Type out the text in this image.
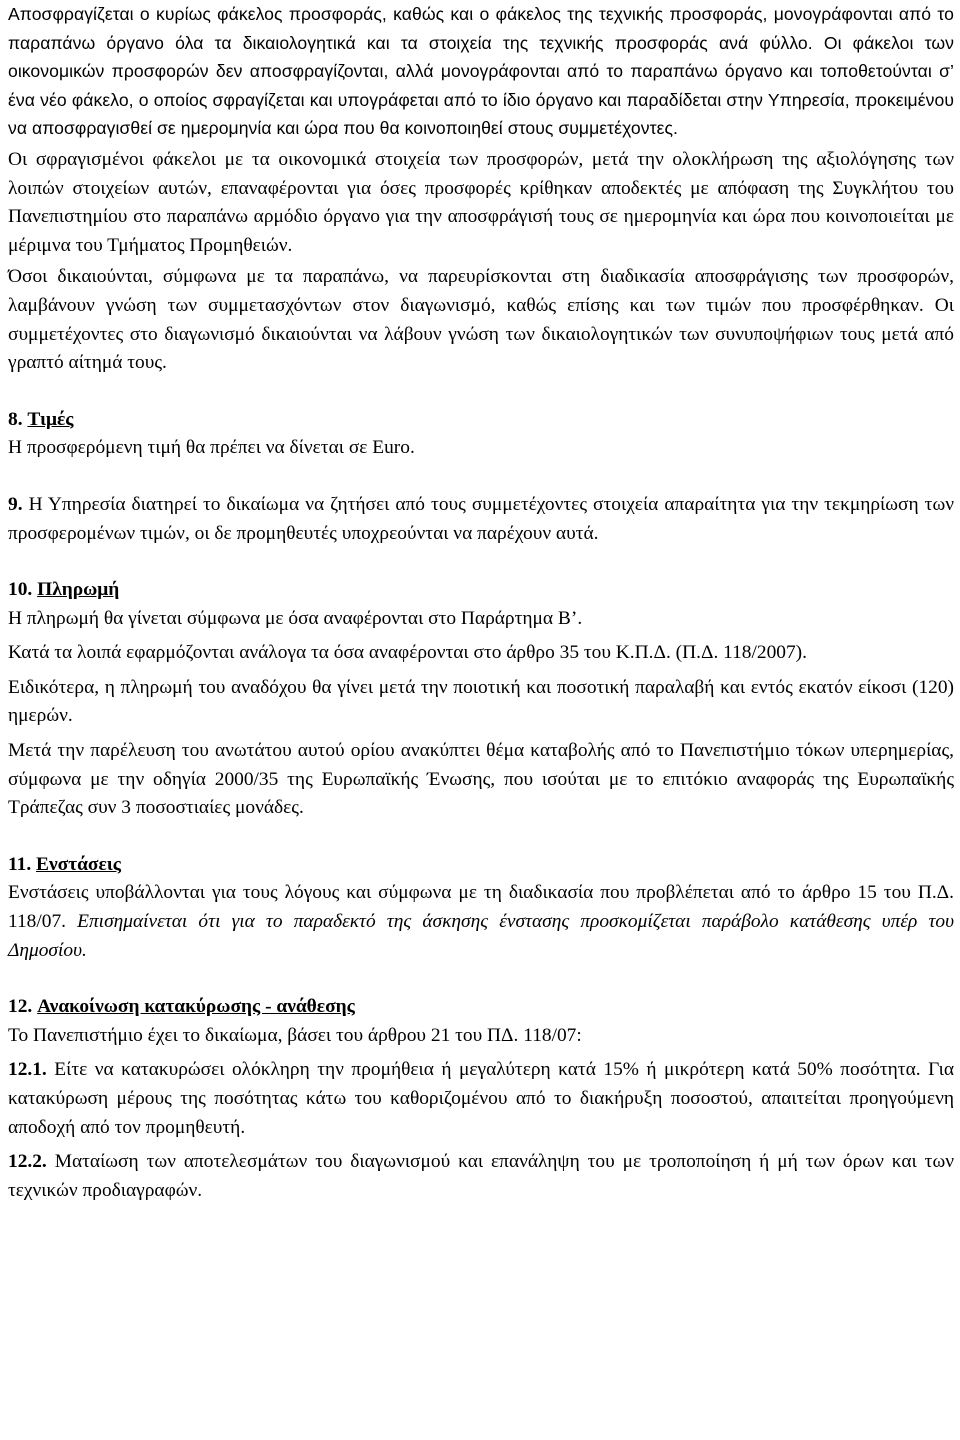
Αποσφραγίζεται ο κυρίως φάκελος προσφοράς, καθώς και ο φάκελος της τεχνικής προσφοράς, μονογράφονται από το παραπάνω όργανο όλα τα δικαιολογητικά και τα στοιχεία της τεχνικής προσφοράς ανά φύλλο. Οι φάκελοι των οικονομικών προσφορών δεν αποσφραγίζονται, αλλά μονογράφονται από το παραπάνω όργανο και τοποθετούνται σ’ ένα νέο φάκελο, ο οποίος σφραγίζεται και υπογράφεται από το ίδιο όργανο και παραδίδεται στην Υπηρεσία, προκειμένου να αποσφραγισθεί σε ημερομηνία και ώρα που θα κοινοποιηθεί στους συμμετέχοντες.

Οι σφραγισμένοι φάκελοι με τα οικονομικά στοιχεία των προσφορών, μετά την ολοκλήρωση της αξιολόγησης των λοιπών στοιχείων αυτών, επαναφέρονται για όσες προσφορές κρίθηκαν αποδεκτές με απόφαση της Συγκλήτου του Πανεπιστημίου στο παραπάνω αρμόδιο όργανο για την αποσφράγισή τους σε ημερομηνία και ώρα που κοινοποιείται με μέριμνα του Τμήματος Προμηθειών.

Όσοι δικαιούνται, σύμφωνα με τα παραπάνω, να παρευρίσκονται στη διαδικασία αποσφράγισης των προσφορών, λαμβάνουν γνώση των συμμετασχόντων στον διαγωνισμό, καθώς επίσης και των τιμών που προσφέρθηκαν. Οι συμμετέχοντες στο διαγωνισμό δικαιούνται να λάβουν γνώση των δικαιολογητικών των συνυποψήφιων τους μετά από γραπτό αίτημά τους.

8. Τιμές

Η προσφερόμενη τιμή θα πρέπει να δίνεται σε Euro.

9. Η Υπηρεσία διατηρεί το δικαίωμα να ζητήσει από τους συμμετέχοντες στοιχεία απαραίτητα για την τεκμηρίωση των προσφερομένων τιμών, οι δε προμηθευτές υποχρεούνται να παρέχουν αυτά.

10. Πληρωμή

Η πληρωμή θα γίνεται σύμφωνα με όσα αναφέρονται στο Παράρτημα Β’.

Κατά τα λοιπά εφαρμόζονται ανάλογα τα όσα αναφέρονται στο άρθρο 35 του Κ.Π.Δ. (Π.Δ. 118/2007).

Ειδικότερα, η πληρωμή του αναδόχου θα γίνει μετά την ποιοτική και ποσοτική παραλαβή και εντός εκατόν είκοσι (120) ημερών.

Μετά την παρέλευση του ανωτάτου αυτού ορίου ανακύπτει θέμα καταβολής από το Πανεπιστήμιο τόκων υπερημερίας, σύμφωνα με την οδηγία 2000/35 της Ευρωπαϊκής Ένωσης, που ισούται με το επιτόκιο αναφοράς της Ευρωπαϊκής Τράπεζας συν 3 ποσοστιαίες μονάδες.

11. Ενστάσεις

Ενστάσεις υποβάλλονται για τους λόγους και σύμφωνα με τη διαδικασία που προβλέπεται από το άρθρο 15 του Π.Δ. 118/07. Επισημαίνεται ότι για το παραδεκτό της άσκησης ένστασης προσκομίζεται παράβολο κατάθεσης υπέρ του Δημοσίου.

12. Ανακοίνωση κατακύρωσης - ανάθεσης

Το Πανεπιστήμιο έχει το δικαίωμα, βάσει του άρθρου 21 του ΠΔ. 118/07:

12.1. Είτε να κατακυρώσει ολόκληρη την προμήθεια ή μεγαλύτερη κατά 15% ή μικρότερη κατά 50% ποσότητα. Για κατακύρωση μέρους της ποσότητας κάτω του καθοριζομένου από το διακήρυξη ποσοστού, απαιτείται προηγούμενη αποδοχή από τον προμηθευτή.

12.2. Ματαίωση των αποτελεσμάτων του διαγωνισμού και επανάληψη του με τροποποίηση ή μή των όρων και των τεχνικών προδιαγραφών.
